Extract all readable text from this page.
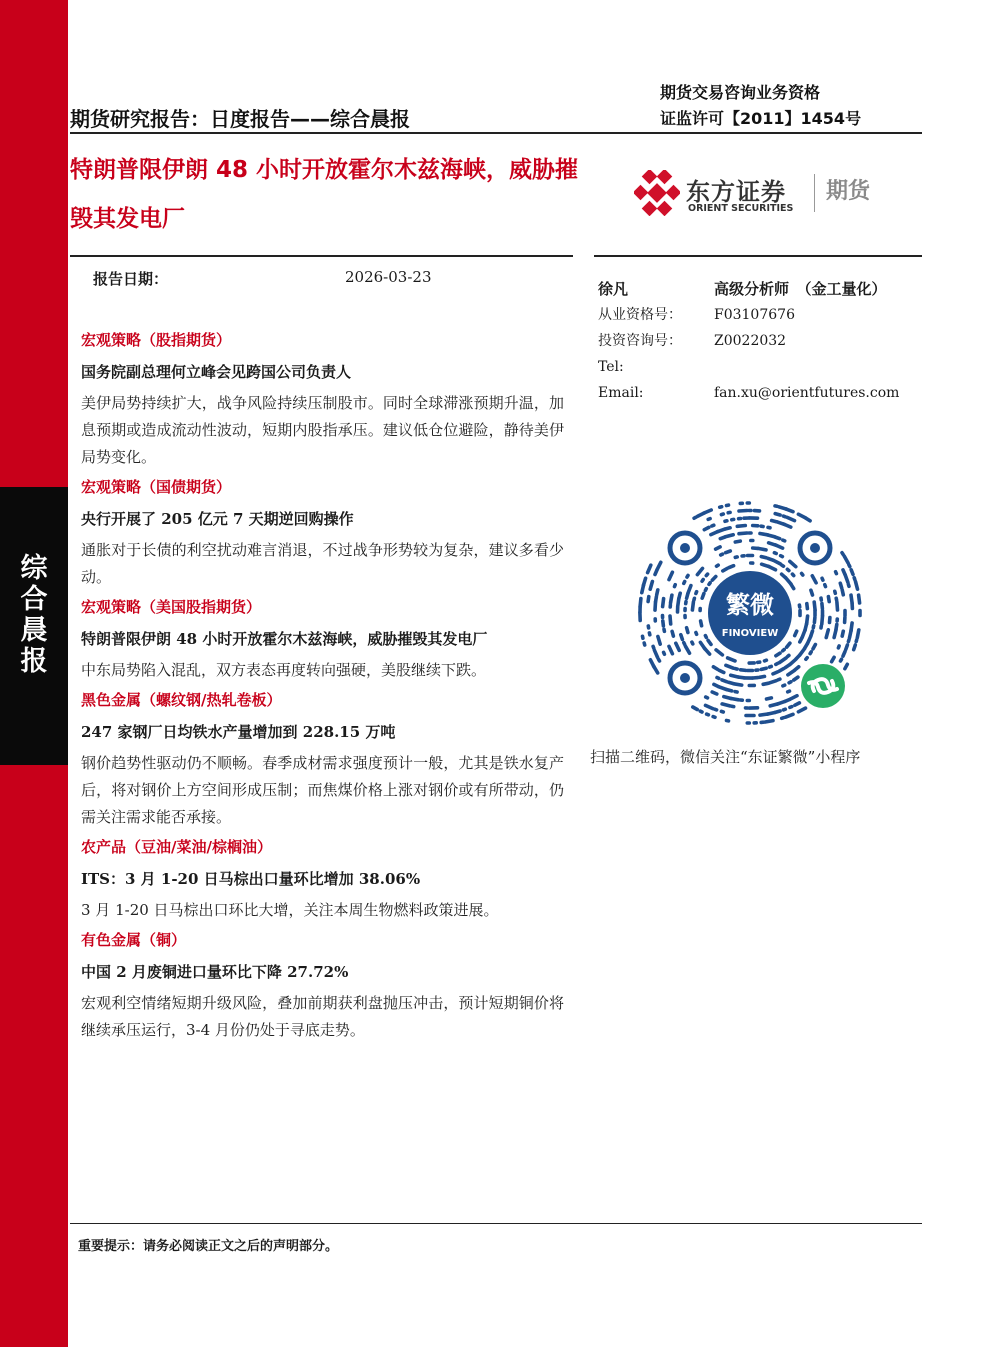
综
合
晨
报
期货研究报告：日度报告——综合晨报
期货交易咨询业务资格
证监许可【2011】1454号
特朗普限伊朗 48 小时开放霍尔木兹海峡，威胁摧毁其发电厂
东方证券
ORIENT SECURITIES
期货
报告日期：	2026-03-23
宏观策略（股指期货）
国务院副总理何立峰会见跨国公司负责人
美伊局势持续扩大，战争风险持续压制股市。同时全球滞涨预期升温，加息预期或造成流动性波动，短期内股指承压。建议低仓位避险，静待美伊局势变化。
宏观策略（国债期货）
央行开展了 205 亿元 7 天期逆回购操作
通胀对于长债的利空扰动难言消退，不过战争形势较为复杂，建议多看少动。
宏观策略（美国股指期货）
特朗普限伊朗 48 小时开放霍尔木兹海峡，威胁摧毁其发电厂
中东局势陷入混乱，双方表态再度转向强硬，美股继续下跌。
黑色金属（螺纹钢/热轧卷板）
247 家钢厂日均铁水产量增加到 228.15 万吨
钢价趋势性驱动仍不顺畅。春季成材需求强度预计一般，尤其是铁水复产后，将对钢价上方空间形成压制；而焦煤价格上涨对钢价或有所带动，仍需关注需求能否承接。
农产品（豆油/菜油/棕榈油）
ITS：3 月 1-20 日马棕出口量环比增加 38.06%
3 月 1-20 日马棕出口环比大增，关注本周生物燃料政策进展。
有色金属（铜）
中国 2 月废铜进口量环比下降 27.72%
宏观利空情绪短期升级风险，叠加前期获利盘抛压冲击，预计短期铜价将继续承压运行，3-4 月份仍处于寻底走势。
徐凡	高级分析师　（金工量化）
从业资格号： F03107676
投资咨询号： Z0022032
Tel:
Email:	fan.xu@orientfutures.com
繁微
FINOVIEW
扫描二维码，微信关注“东证繁微”小程序
重要提示：请务必阅读正文之后的声明部分。
